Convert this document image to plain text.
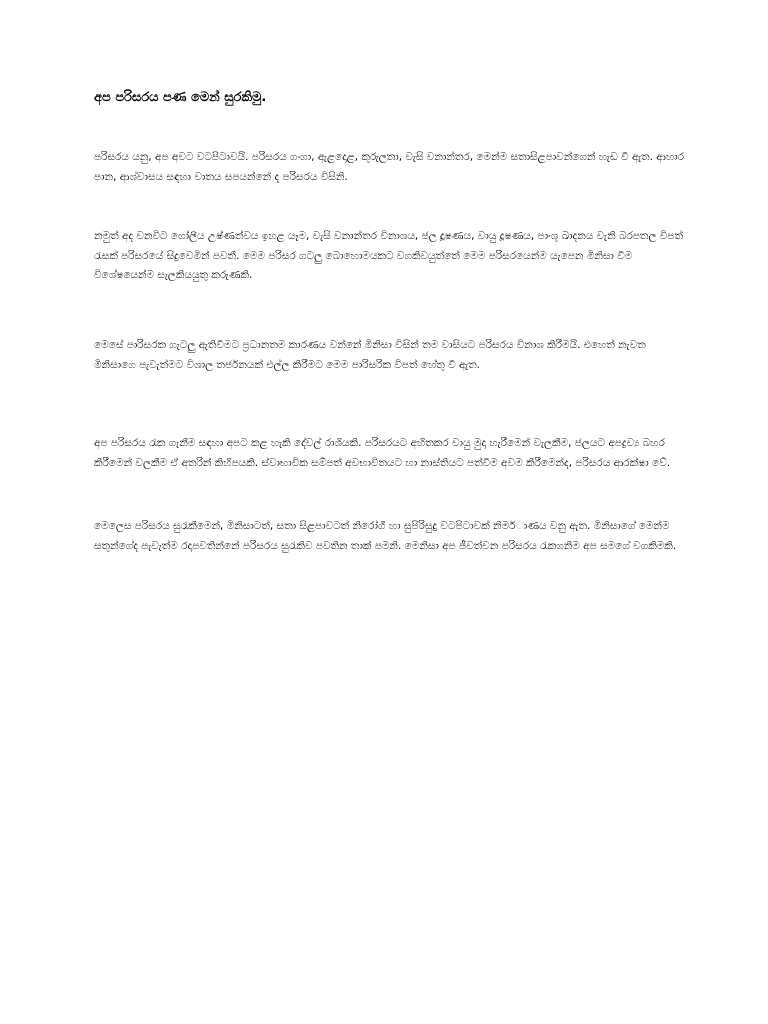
අප පරිසරය පණ මෙන් සුරකිමු.

පරිසරය යනු, අප අවට වටපිටාවයි. පරිසරය ගංගා, ඇළදොළ, කුරුලතා, වැසි වනාන්තර, මෙන්ම සතාසිළපාවන්ගෙන් හැඩ වී ඇත. ආහාර පාන, ආශ්වාසය සඳහා වාතය සපයන්නේ ද පරිසරය විසිනි.

නමුත් අද වනවිට ගෝලීය උෂ්ණත්වය ඉහළ යෑම, වැසි වනාන්තර විනාශය, ජල දූෂණය, වායු දූෂණය, පාංශු ඛාදනය වැනි බරපතල විපත් රැසක් පරිසරයේ සිදුවෙමින් පවතී. මෙම පරිසර ගටලු බොහොමයකට වගකිවයුත්තේ මෙම පරිසරයෙන්ම යැපෙන මිනිසා වීම විශේෂයෙන්ම සැලකියයුතු කරුණකි.

මෙසේ පාරිසරක ගැටලු ඇතිවීමට ප්‍රධානතම කාරණය වන්නේ මිනිසා විසින් තම වාසියට පරිසරය විනාශ කිරීමයි. එහෙත් නැවත මිනිසාගෙ පැවැත්මට විශාල තර්ජනයක් එල්ල කිරීමට මෙම පාරිසරික විපත් හේතු වී ඇත.

අප පරිසරය රැක ගැනීම සඳහා අපට කළ හැකි දේවල් රාශියකි. පරිසරයට අහිතකර වායු මුදා හැරීමෙන් වැලකීම, ජලයට අපද්‍රව්‍ය බහර කිරීමෙන් වලකීම ඒ අතරින් කිහිපයකි. ස්වාභාවික සම්පත් අවභාවිතයට හා නාස්තියට පත්වීම අවම කිරීමෙන්ද, පරිසරය ආරක්ෂා වේ.

මෙලෙස පරිසරය සුරැකීමෙන්, මිනිසාටත්, සතා සිළපාවටත් නිරෝගී හා සුපිරිසුදු වටපිටාවක් නිමර්ාණය වනු ඇත. මිනිසාගේ මෙන්ම සතුන්ගේද පැවැත්ම රදාපවතින්නේ පරිසරය සුරැකිව පවතින තාක් පමනි. මෙනිසා අප ජීවත්වන පරිසරය රැකගනිම අප සමගේ වගකිමකි.
